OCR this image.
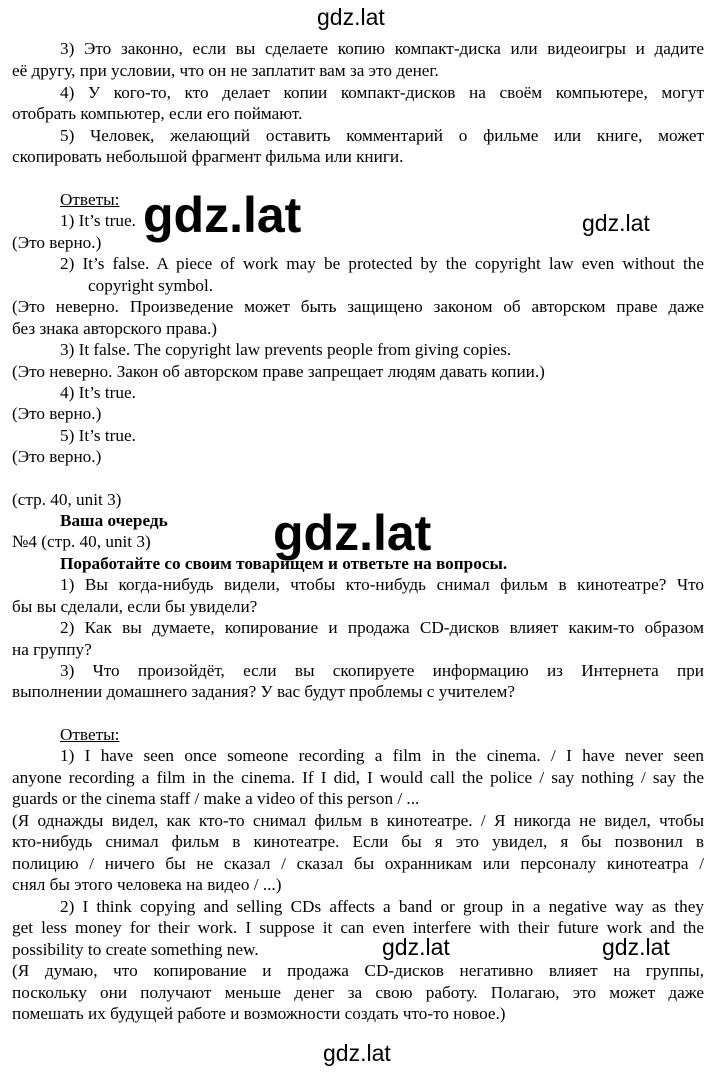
3) Это законно, если вы сделаете копию компакт-диска или видеоигры и дадите
её другу, при условии, что он не заплатит вам за это денег.
4) У кого-то, кто делает копии компакт-дисков на своём компьютере, могут
отобрать компьютер, если его поймают.
5) Человек, желающий оставить комментарий о фильме или книге, может
скопировать небольшой фрагмент фильма или книги.
Ответы:
1) It’s true.
(Это верно.)
2) It’s false. A piece of work may be protected by the copyright law even without the
copyright symbol.
(Это неверно. Произведение может быть защищено законом об авторском праве даже
без знака авторского права.)
3) It false. The copyright law prevents people from giving copies.
(Это неверно. Закон об авторском праве запрещает людям давать копии.)
4) It’s true.
(Это верно.)
5) It’s true.
(Это верно.)
(стр. 40, unit 3)
Ваша очередь
№4 (стр. 40, unit 3)
Поработайте со своим товарищем и ответьте на вопросы.
1) Вы когда-нибудь видели, чтобы кто-нибудь снимал фильм в кинотеатре? Что
бы вы сделали, если бы увидели?
2) Как вы думаете, копирование и продажа CD-дисков влияет каким-то образом
на группу?
3) Что произойдёт, если вы скопируете информацию из Интернета при
выполнении домашнего задания? У вас будут проблемы с учителем?
Ответы:
1) I have seen once someone recording a film in the cinema. / I have never seen
anyone recording a film in the cinema. If I did, I would call the police / say nothing / say the
guards or the cinema staff / make a video of this person / ...
(Я однажды видел, как кто-то снимал фильм в кинотеатре. / Я никогда не видел, чтобы
кто-нибудь снимал фильм в кинотеатре. Если бы я это увидел, я бы позвонил в
полицию / ничего бы не сказал / сказал бы охранникам или персоналу кинотеатра /
снял бы этого человека на видео / ...)
2) I think copying and selling CDs affects a band or group in a negative way as they
get less money for their work. I suppose it can even interfere with their future work and the
possibility to create something new.
(Я думаю, что копирование и продажа CD-дисков негативно влияет на группы,
поскольку они получают меньше денег за свою работу. Полагаю, это может даже
помешать их будущей работе и возможности создать что-то новое.)
gdz.lat
gdz.lat	gdz.lat
gdz.lat
gdz.lat	gdz.lat
gdz.lat
